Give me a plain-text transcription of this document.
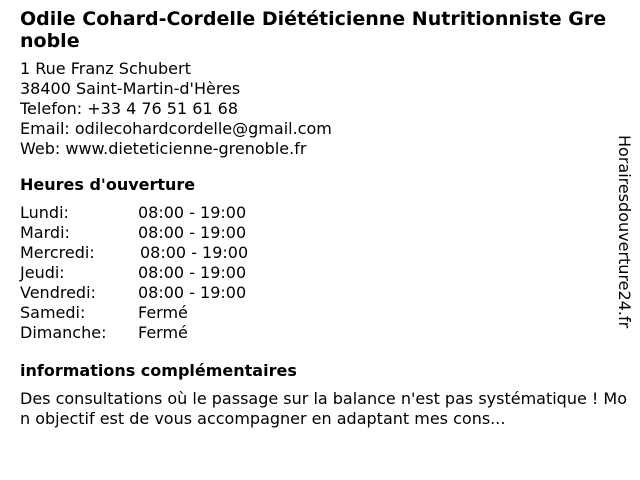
Odile Cohard-Cordelle Diététicienne Nutritionniste Grenoble
1 Rue Franz Schubert
38400 Saint-Martin-d'Hères
Telefon: +33 4 76 51 61 68
Email: odilecohardcordelle@gmail.com
Web: www.dieteticienne-grenoble.fr
Heures d'ouverture
Lundi:	08:00 - 19:00
Mardi:	08:00 - 19:00
Mercredi:	08:00 - 19:00
Jeudi:	08:00 - 19:00
Vendredi:	08:00 - 19:00
Samedi:	Fermé
Dimanche: Fermé
informations complémentaires
Des consultations où le passage sur la balance n'est pas systématique ! Mon objectif est de vous accompagner en adaptant mes cons...
Horairesdouverture24.fr
